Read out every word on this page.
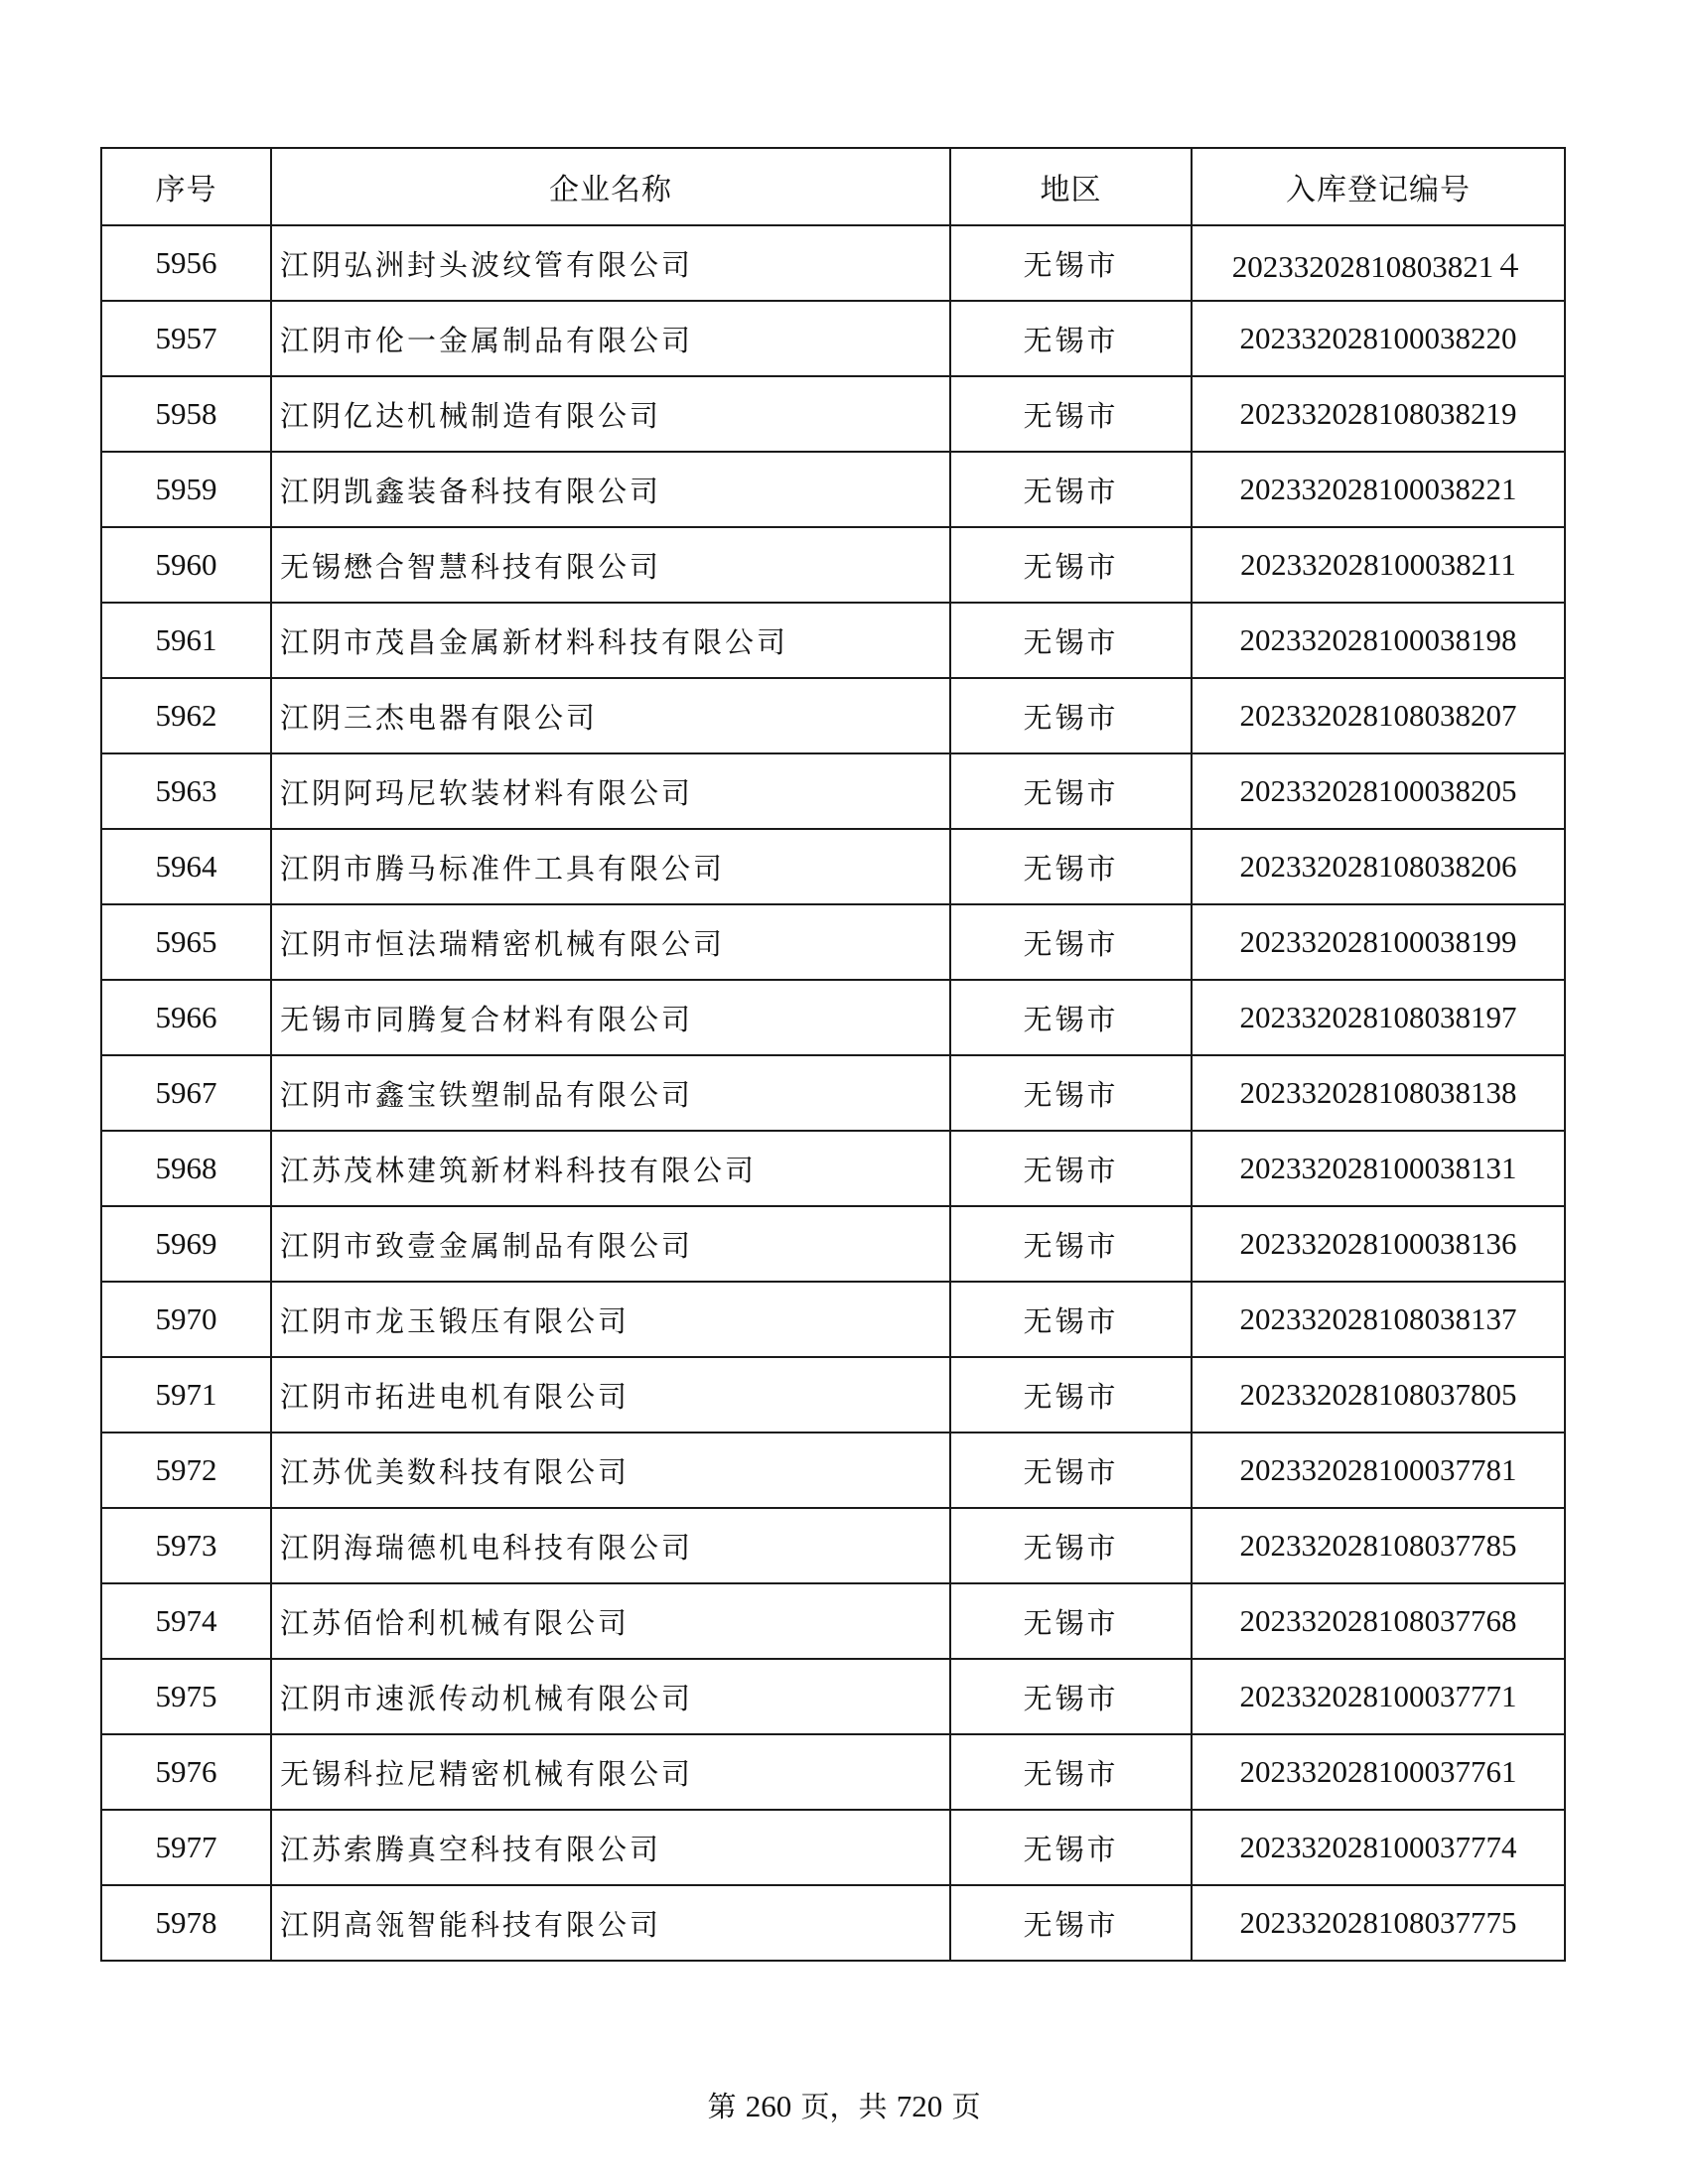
序号	企业名称	地区	入库登记编号
5956	江阴弘洲封头波纹管有限公司	无锡市	20233202810803821４
5957	江阴市伦一金属制品有限公司	无锡市	202332028100038220
5958	江阴亿达机械制造有限公司	无锡市	202332028108038219
5959	江阴凯鑫装备科技有限公司	无锡市	202332028100038221
5960	无锡懋合智慧科技有限公司	无锡市	202332028100038211
5961	江阴市茂昌金属新材料科技有限公司	无锡市	202332028100038198
5962	江阴三杰电器有限公司	无锡市	202332028108038207
5963	江阴阿玛尼软装材料有限公司	无锡市	202332028100038205
5964	江阴市腾马标准件工具有限公司	无锡市	202332028108038206
5965	江阴市恒法瑞精密机械有限公司	无锡市	202332028100038199
5966	无锡市同腾复合材料有限公司	无锡市	202332028108038197
5967	江阴市鑫宝铁塑制品有限公司	无锡市	202332028108038138
5968	江苏茂林建筑新材料科技有限公司	无锡市	202332028100038131
5969	江阴市致壹金属制品有限公司	无锡市	202332028100038136
5970	江阴市龙玉锻压有限公司	无锡市	202332028108038137
5971	江阴市拓进电机有限公司	无锡市	202332028108037805
5972	江苏优美数科技有限公司	无锡市	202332028100037781
5973	江阴海瑞德机电科技有限公司	无锡市	202332028108037785
5974	江苏佰恰利机械有限公司	无锡市	202332028108037768
5975	江阴市速派传动机械有限公司	无锡市	202332028100037771
5976	无锡科拉尼精密机械有限公司	无锡市	202332028100037761
5977	江苏索腾真空科技有限公司	无锡市	202332028100037774
5978	江阴高瓴智能科技有限公司	无锡市	202332028108037775
第 260 页，共 720 页
